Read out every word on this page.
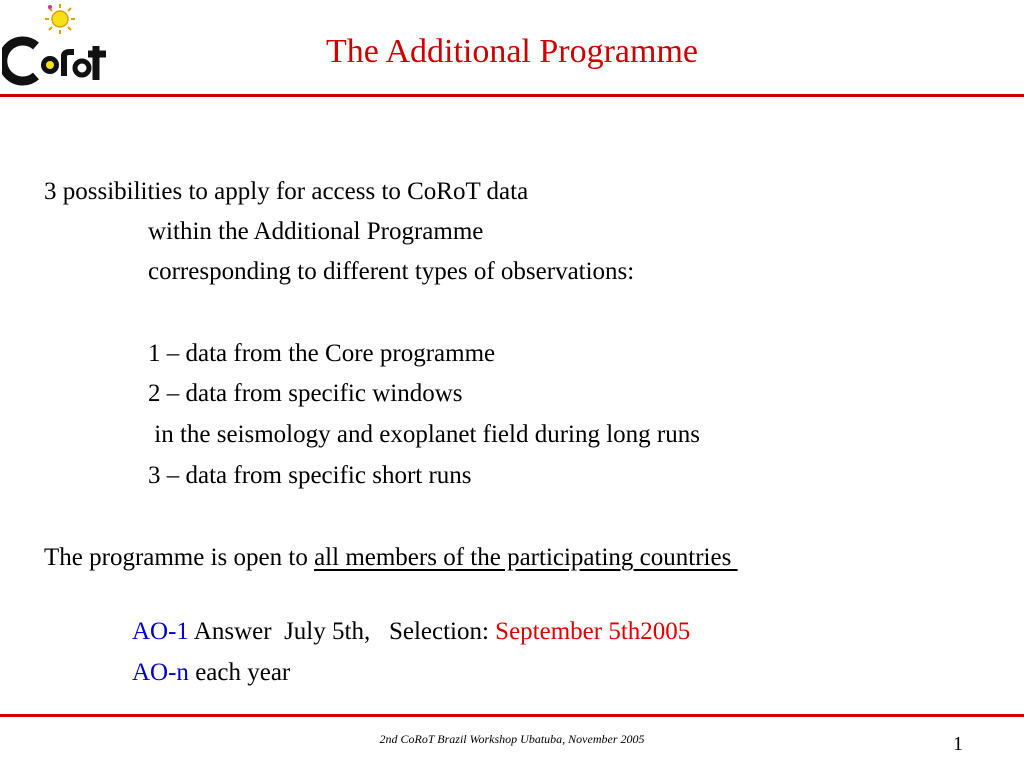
CoRoT
The Additional Programme
3 possibilities to apply for access to CoRoT data
within the Additional Programme
corresponding to different types of observations:
1 – data from the Core programme
2 – data from specific windows
in the seismology and exoplanet field during long runs
3 – data from specific short runs
The programme is open to all members of the participating countries
AO-1 Answer  July 5th,   Selection: September 5th2005
AO-n each year
2nd CoRoT Brazil Workshop Ubatuba, November 2005	1
